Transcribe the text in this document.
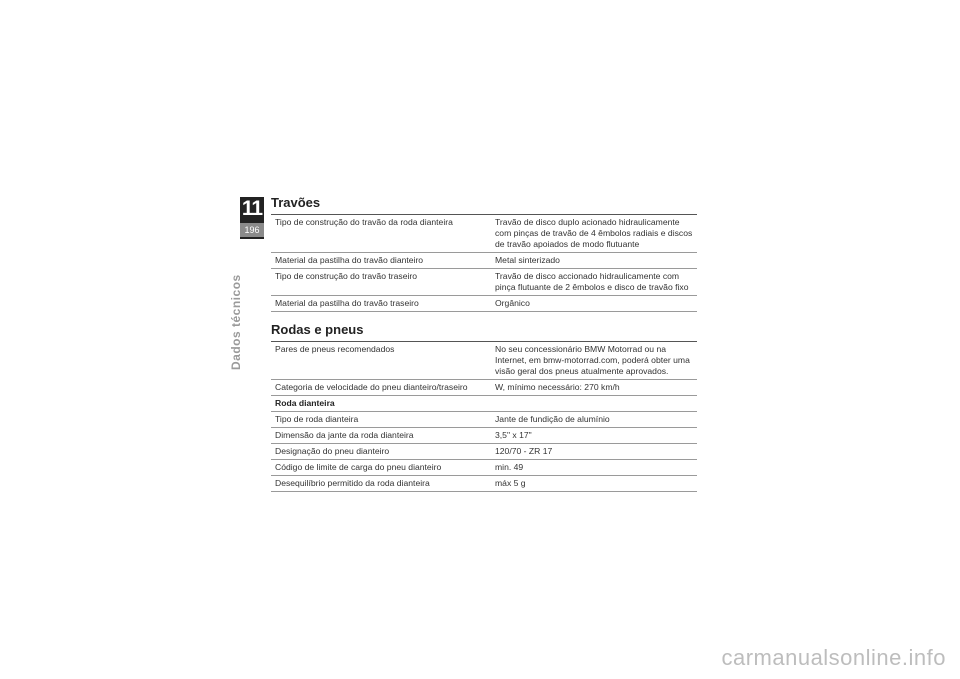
11
196
Dados técnicos
Travões
Tipo de construção do travão da roda dianteira	Travão de disco duplo acionado hidraulicamente com pinças de travão de 4 êmbolos radiais e discos de travão apoiados de modo flutuante
Material da pastilha do travão dianteiro	Metal sinterizado
Tipo de construção do travão traseiro	Travão de disco accionado hidraulicamente com pinça flutuante de 2 êmbolos e disco de travão fixo
Material da pastilha do travão traseiro	Orgânico
Rodas e pneus
Pares de pneus recomendados	No seu concessionário BMW Motorrad ou na Internet, em bmw-motorrad.com, poderá obter uma visão geral dos pneus atualmente aprovados.
Categoria de velocidade do pneu dianteiro/traseiro	W, mínimo necessário: 270 km/h
Roda dianteira	
Tipo de roda dianteira	Jante de fundição de alumínio
Dimensão da jante da roda dianteira	3,5" x 17"
Designação do pneu dianteiro	120/70 - ZR 17
Código de limite de carga do pneu dianteiro	min. 49
Desequilíbrio permitido da roda dianteira	máx 5 g
carmanualsonline.info
